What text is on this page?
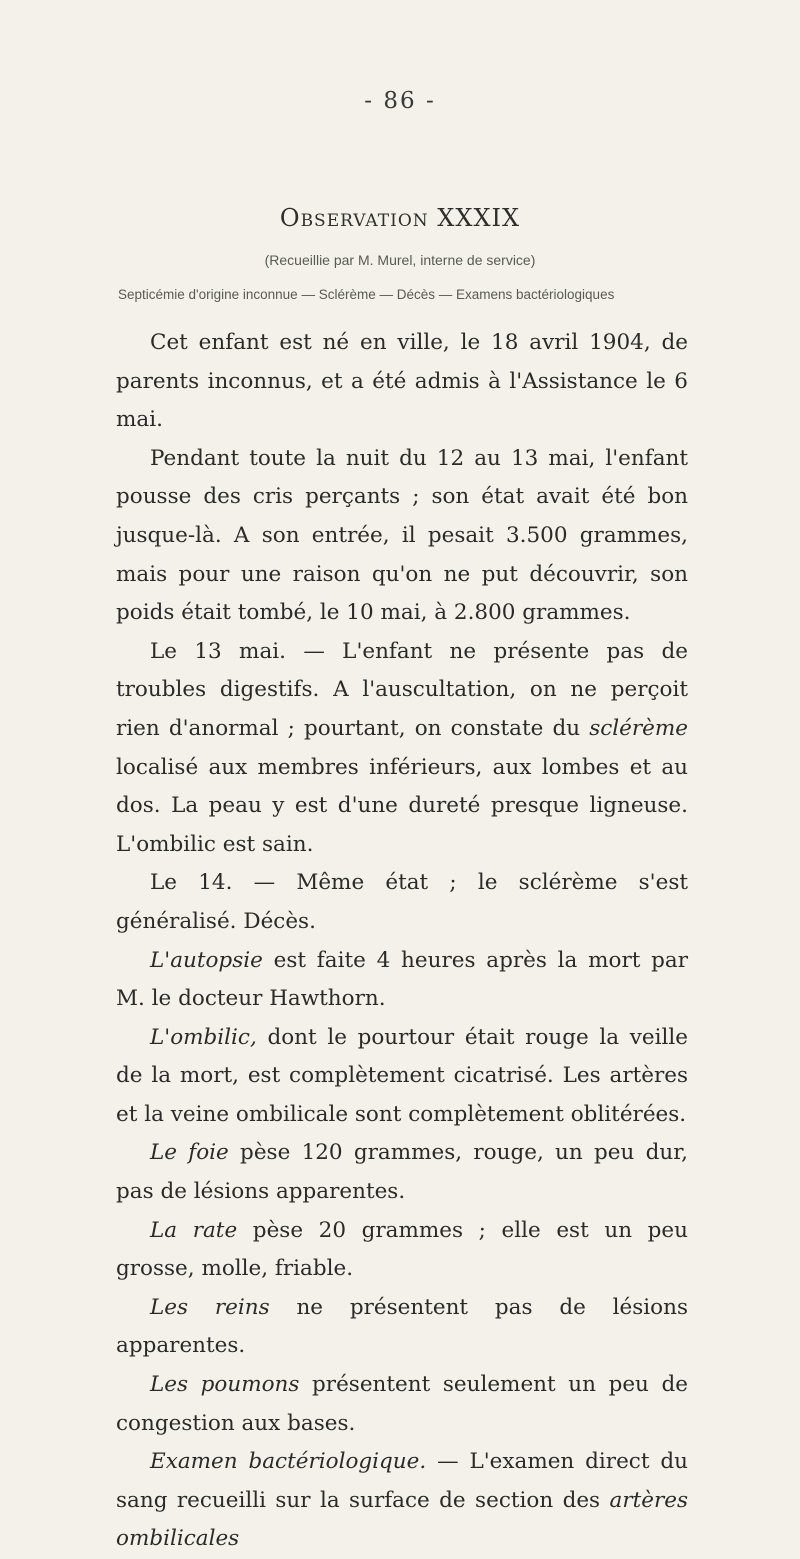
- 86 -
Observation XXXIX
(Recueillie par M. Murel, interne de service)
Septicémie d'origine inconnue — Sclérème — Décès — Examens bactériologiques

Cet enfant est né en ville, le 18 avril 1904, de parents inconnus, et a été admis à l'Assistance le 6 mai.

Pendant toute la nuit du 12 au 13 mai, l'enfant pousse des cris perçants ; son état avait été bon jusque-là. A son entrée, il pesait 3.500 grammes, mais pour une raison qu'on ne put découvrir, son poids était tombé, le 10 mai, à 2.800 grammes.

Le 13 mai. — L'enfant ne présente pas de troubles digestifs. A l'auscultation, on ne perçoit rien d'anormal ; pourtant, on constate du sclérème localisé aux membres inférieurs, aux lombes et au dos. La peau y est d'une dureté presque ligneuse. L'ombilic est sain.

Le 14. — Même état ; le sclérème s'est généralisé. Décès.

L'autopsie est faite 4 heures après la mort par M. le docteur Hawthorn.

L'ombilic, dont le pourtour était rouge la veille de la mort, est complètement cicatrisé. Les artères et la veine ombilicale sont complètement oblitérées.

Le foie pèse 120 grammes, rouge, un peu dur, pas de lésions apparentes.

La rate pèse 20 grammes ; elle est un peu grosse, molle, friable.

Les reins ne présentent pas de lésions apparentes.

Les poumons présentent seulement un peu de congestion aux bases.

Examen bactériologique. — L'examen direct du sang recueilli sur la surface de section des artères ombilicales
